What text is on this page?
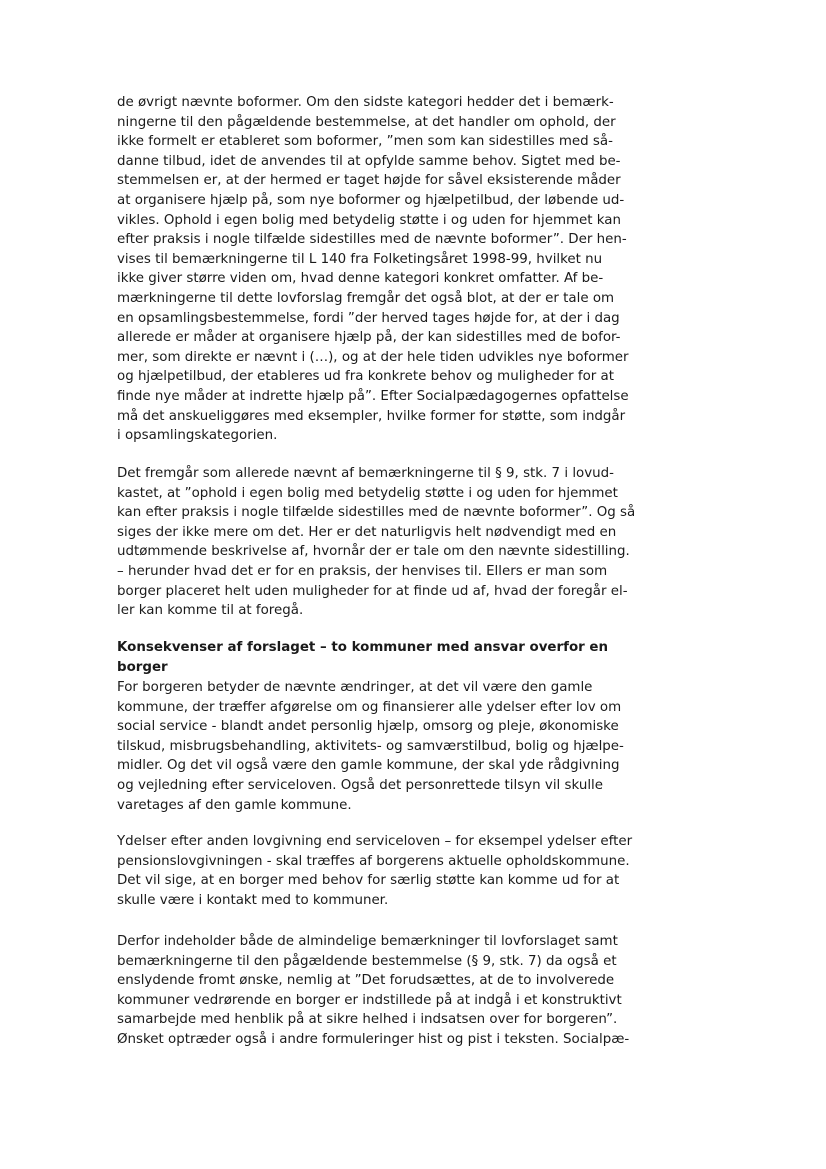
de øvrigt nævnte boformer. Om den sidste kategori hedder det i bemærk-
ningerne til den pågældende bestemmelse, at det handler om ophold, der
ikke formelt er etableret som boformer, ”men som kan sidestilles med så-
danne tilbud, idet de anvendes til at opfylde samme behov. Sigtet med be-
stemmelsen er, at der hermed er taget højde for såvel eksisterende måder
at organisere hjælp på, som nye boformer og hjælpetilbud, der løbende ud-
vikles. Ophold i egen bolig med betydelig støtte i og uden for hjemmet kan
efter praksis i nogle tilfælde sidestilles med de nævnte boformer”. Der hen-
vises til bemærkningerne til L 140 fra Folketingsåret 1998-99, hvilket nu
ikke giver større viden om, hvad denne kategori konkret omfatter. Af be-
mærkningerne til dette lovforslag fremgår det også blot, at der er tale om
en opsamlingsbestemmelse, fordi ”der herved tages højde for, at der i dag
allerede er måder at organisere hjælp på, der kan sidestilles med de bofor-
mer, som direkte er nævnt i (…), og at der hele tiden udvikles nye boformer
og hjælpetilbud, der etableres ud fra konkrete behov og muligheder for at
finde nye måder at indrette hjælp på”. Efter Socialpædagogernes opfattelse
må det anskueliggøres med eksempler, hvilke former for støtte, som indgår
i opsamlingskategorien.
Det fremgår som allerede nævnt af bemærkningerne til § 9, stk. 7 i lovud-
kastet, at ”ophold i egen bolig med betydelig støtte i og uden for hjemmet
kan efter praksis i nogle tilfælde sidestilles med de nævnte boformer”. Og så
siges der ikke mere om det. Her er det naturligvis helt nødvendigt med en
udtømmende beskrivelse af, hvornår der er tale om den nævnte sidestilling.
– herunder hvad det er for en praksis, der henvises til. Ellers er man som
borger placeret helt uden muligheder for at finde ud af, hvad der foregår el-
ler kan komme til at foregå.
Konsekvenser af forslaget – to kommuner med ansvar overfor en
borger
For borgeren betyder de nævnte ændringer, at det vil være den gamle
kommune, der træffer afgørelse om og finansierer alle ydelser efter lov om
social service - blandt andet personlig hjælp, omsorg og pleje, økonomiske
tilskud, misbrugsbehandling, aktivitets- og samværstilbud, bolig og hjælpe-
midler. Og det vil også være den gamle kommune, der skal yde rådgivning
og vejledning efter serviceloven. Også det personrettede tilsyn vil skulle
varetages af den gamle kommune.
Ydelser efter anden lovgivning end serviceloven – for eksempel ydelser efter
pensionslovgivningen - skal træffes af borgerens aktuelle opholdskommune.
Det vil sige, at en borger med behov for særlig støtte kan komme ud for at
skulle være i kontakt med to kommuner.
Derfor indeholder både de almindelige bemærkninger til lovforslaget samt
bemærkningerne til den pågældende bestemmelse (§ 9, stk. 7) da også et
enslydende fromt ønske, nemlig at ”Det forudsættes, at de to involverede
kommuner vedrørende en borger er indstillede på at indgå i et konstruktivt
samarbejde med henblik på at sikre helhed i indsatsen over for borgeren”.
Ønsket optræder også i andre formuleringer hist og pist i teksten. Socialpæ-
